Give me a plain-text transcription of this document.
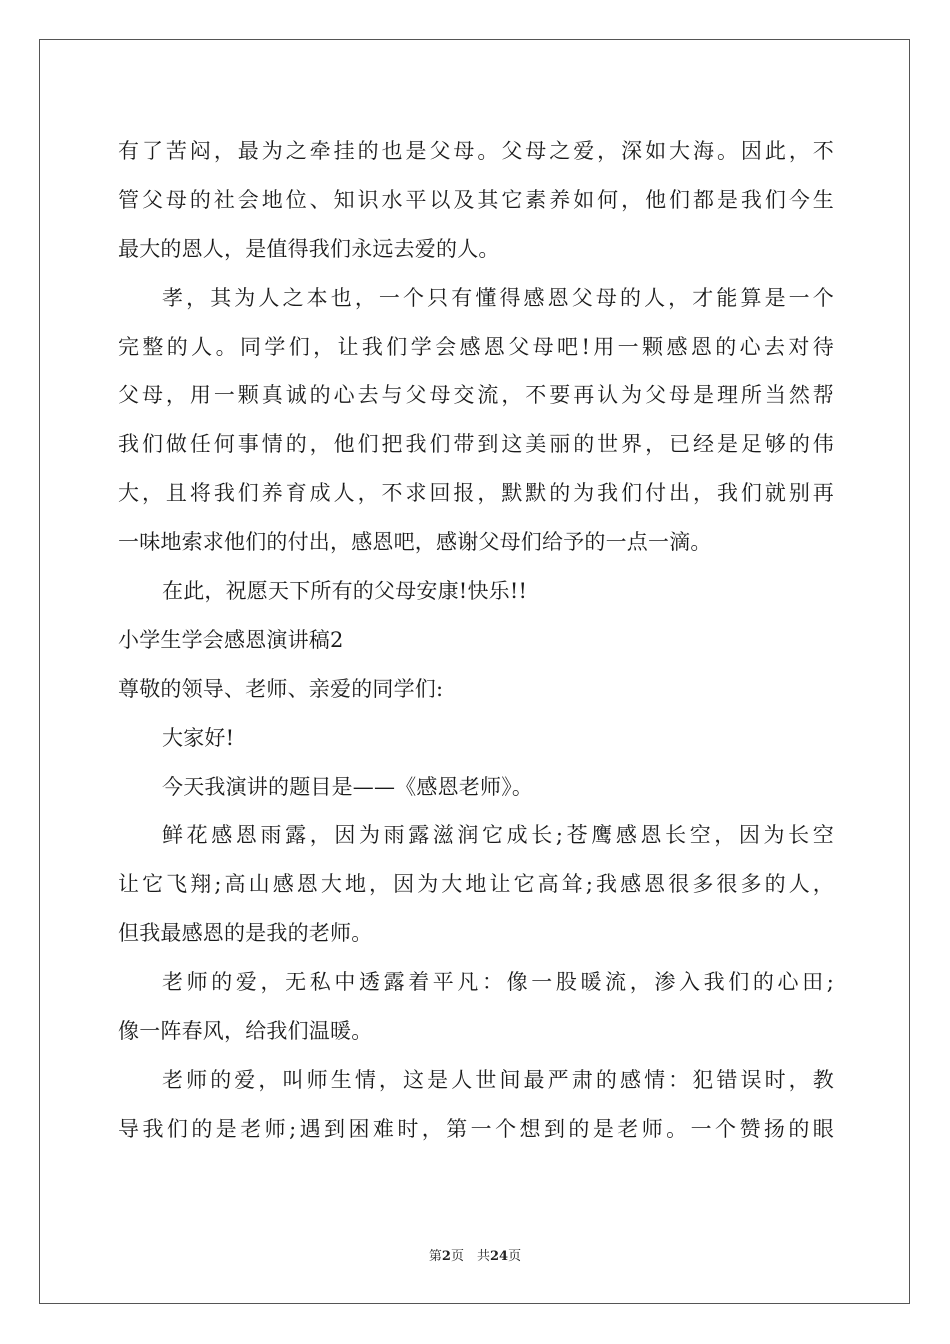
有了苦闷，最为之牵挂的也是父母。父母之爱，深如大海。因此，不
管父母的社会地位、知识水平以及其它素养如何，他们都是我们今生
最大的恩人，是值得我们永远去爱的人。
孝，其为人之本也，一个只有懂得感恩父母的人，才能算是一个
完整的人。同学们，让我们学会感恩父母吧!用一颗感恩的心去对待
父母，用一颗真诚的心去与父母交流，不要再认为父母是理所当然帮
我们做任何事情的，他们把我们带到这美丽的世界，已经是足够的伟
大，且将我们养育成人，不求回报，默默的为我们付出，我们就别再
一味地索求他们的付出，感恩吧，感谢父母们给予的一点一滴。
在此，祝愿天下所有的父母安康!快乐!!
小学生学会感恩演讲稿2
尊敬的领导、老师、亲爱的同学们:
大家好!
今天我演讲的题目是——《感恩老师》。
鲜花感恩雨露，因为雨露滋润它成长;苍鹰感恩长空，因为长空
让它飞翔;高山感恩大地，因为大地让它高耸;我感恩很多很多的人，
但我最感恩的是我的老师。
老师的爱，无私中透露着平凡：像一股暖流，渗入我们的心田;
像一阵春风，给我们温暖。
老师的爱，叫师生情，这是人世间最严肃的感情：犯错误时，教
导我们的是老师;遇到困难时，第一个想到的是老师。一个赞扬的眼
第2页　共24页
